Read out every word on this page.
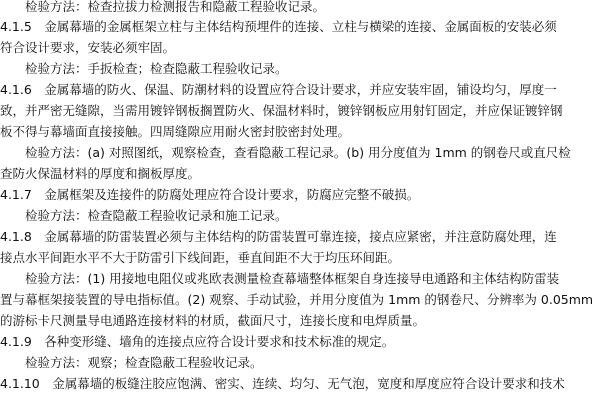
　　检验方法：检查拉拔力检测报告和隐蔽工程验收记录。
4.1.5　金属幕墙的金属框架立柱与主体结构预埋件的连接、立柱与横梁的连接、金属面板的安装必须
符合设计要求，安装必须牢固。
　　检验方法：手扳检查；检查隐蔽工程验收记录。
4.1.6　金属幕墙的防火、保温、防潮材料的设置应符合设计要求，并应安装牢固，铺设均匀，厚度一
致，并严密无缝隙，当需用镀锌钢板搁置防火、保温材料时，镀锌钢板应用射钉固定，并应保证镀锌钢
板不得与幕墙面直接接触。四周缝隙应用耐火密封胶密封处理。
　　检验方法：(a) 对照图纸，观察检查，查看隐蔽工程记录。(b) 用分度值为 1mm 的钢卷尺或直尺检
查防火保温材料的厚度和搁板厚度。
4.1.7　金属框架及连接件的防腐处理应符合设计要求，防腐应完整不破损。
　　检验方法：检查隐蔽工程验收记录和施工记录。
4.1.8　金属幕墙的防雷装置必须与主体结构的防雷装置可靠连接，接点应紧密，并注意防腐处理，连
接点水平间距水平不大于防雷引下线间距，垂直间距不大于均压环间距。
　　检验方法：(1) 用接地电阻仪或兆欧表测量检查幕墙整体框架自身连接导电通路和主体结构防雷装
置与幕框架接装置的导电指标值。(2) 观察、手动试验，并用分度值为 1mm 的钢卷尺、分辨率为 0.05mm
的游标卡尺测量导电通路连接材料的材质，截面尺寸，连接长度和电焊质量。
4.1.9　各种变形缝、墙角的连接点应符合设计要求和技术标准的规定。
　　检验方法：观察；检查隐蔽工程验收记录。
4.1.10　金属幕墙的板缝注胶应饱满、密实、连续、均匀、无气泡，宽度和厚度应符合设计要求和技术
